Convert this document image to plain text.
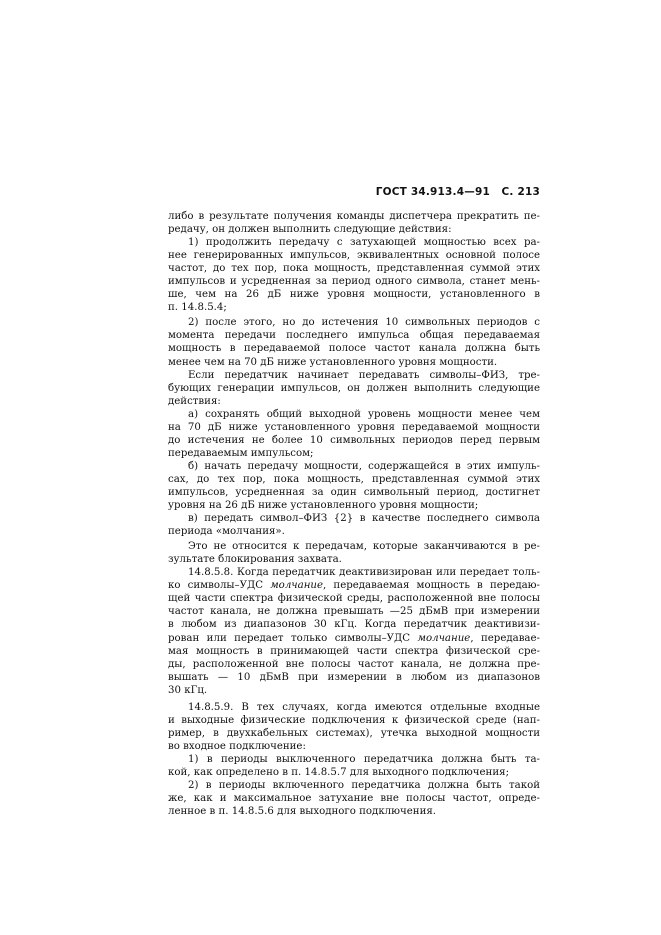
ГОСТ 34.913.4—91 С. 213

либо в результате получения команды диспетчера прекратить пе-

редачу, он должен выполнить следующие действия:

1) продолжить передачу с затухающей мощностью всех ра-

нее генерированных импульсов, эквивалентных основной полосе

частот, до тех пор, пока мощность, представленная суммой этих

импульсов и усредненная за период одного символа, станет мень-

ше, чем на 26 дБ ниже уровня мощности, установленного в

п. 14.8.5.4;

2) после этого, но до истечения 10 символьных периодов с

момента передачи последнего импульса общая передаваемая

мощность в передаваемой полосе частот канала должна быть

менее чем на 70 дБ ниже установленного уровня мощности.

Если передатчик начинает передавать символы–ФИЗ, тре-

бующих генерации импульсов, он должен выполнить следующие

действия:

а) сохранять общий выходной уровень мощности менее чем

на 70 дБ ниже установленного уровня передаваемой мощности

до истечения не более 10 символьных периодов перед первым

передаваемым импульсом;

б) начать передачу мощности, содержащейся в этих импуль-

сах, до тех пор, пока мощность, представленная суммой этих

импульсов, усредненная за один символьный период, достигнет

уровня на 26 дБ ниже установленного уровня мощности;

в) передать символ–ФИЗ {2} в качестве последнего символа

периода «молчания».

Это не относится к передачам, которые заканчиваются в ре-

зультате блокирования захвата.

14.8.5.8. Когда передатчик деактивизирован или передает толь-

ко символы–УДС молчание, передаваемая мощность в передаю-

щей части спектра физической среды, расположенной вне полосы

частот канала, не должна превышать —25 дБмВ при измерении

в любом из диапазонов 30 кГц. Когда передатчик деактивизи-

рован или передает только символы–УДС молчание, передавае-

мая мощность в принимающей части спектра физической сре-

ды, расположенной вне полосы частот канала, не должна пре-

вышать — 10 дБмВ при измерении в любом из диапазонов

30 кГц.

14.8.5.9. В тех случаях, когда имеются отдельные входные

и выходные физические подключения к физической среде (нап-

ример, в двухкабельных системах), утечка выходной мощности

во входное подключение:

1) в периоды выключенного передатчика должна быть та-

кой, как определено в п. 14.8.5.7 для выходного подключения;

2) в периоды включенного передатчика должна быть такой

же, как и максимальное затухание вне полосы частот, опреде-

ленное в п. 14.8.5.6 для выходного подключения.
